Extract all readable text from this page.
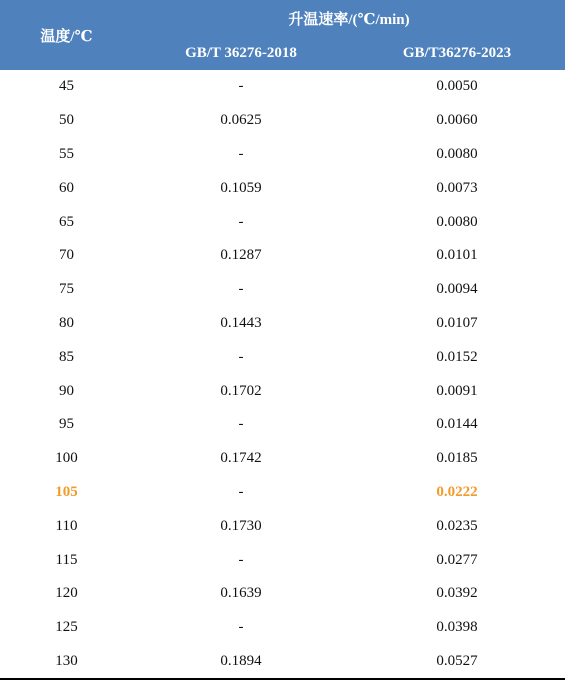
温度/℃
升温速率/(℃/min)
GB/T 36276-2018	GB/T36276-2023
45	-	0.0050
50	0.0625	0.0060
55	-	0.0080
60	0.1059	0.0073
65	-	0.0080
70	0.1287	0.0101
75	-	0.0094
80	0.1443	0.0107
85	-	0.0152
90	0.1702	0.0091
95	-	0.0144
100	0.1742	0.0185
105	-	0.0222
110	0.1730	0.0235
115	-	0.0277
120	0.1639	0.0392
125	-	0.0398
130	0.1894	0.0527
